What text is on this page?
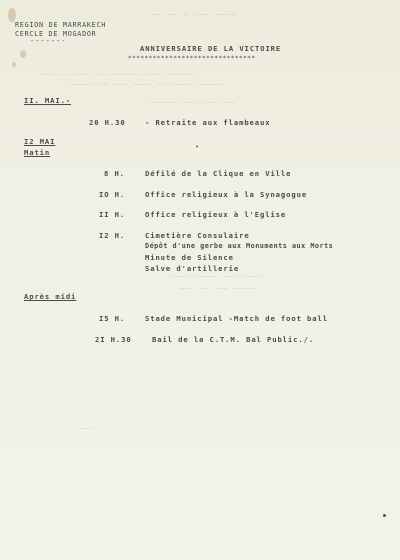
—— —— — ——— ————
——— —— ——— —— ——————— ——— ——————
————— —— ——— ———— —— ————— —————
—————— ——— ——— ———
———— ————— ——— ————
——— —— ——— —————
———
REGION DE MARRAKECH
CERCLE DE MOGADOR
-------
ANNIVERSAIRE DE LA VICTOIRE
*******************************
II. MAI.-
20 H.30	- Retraite aux flambeaux
I2 MAI
Matin
•
8 H.	Défilé de la Clique en Ville
IO H.	Office religieux à la Synagogue
II H.	Office religieux à l'Eglise
I2 H.	Cimetière Consulaire
Dépôt d'une gerbe aux Monuments aux Morts
Minute de Silence
Salve d'artillerie
Après midi
I5 H.	Stade Municipal -Match de foot ball
2I H.30	Bail de la C.T.M. Bal Public./.
